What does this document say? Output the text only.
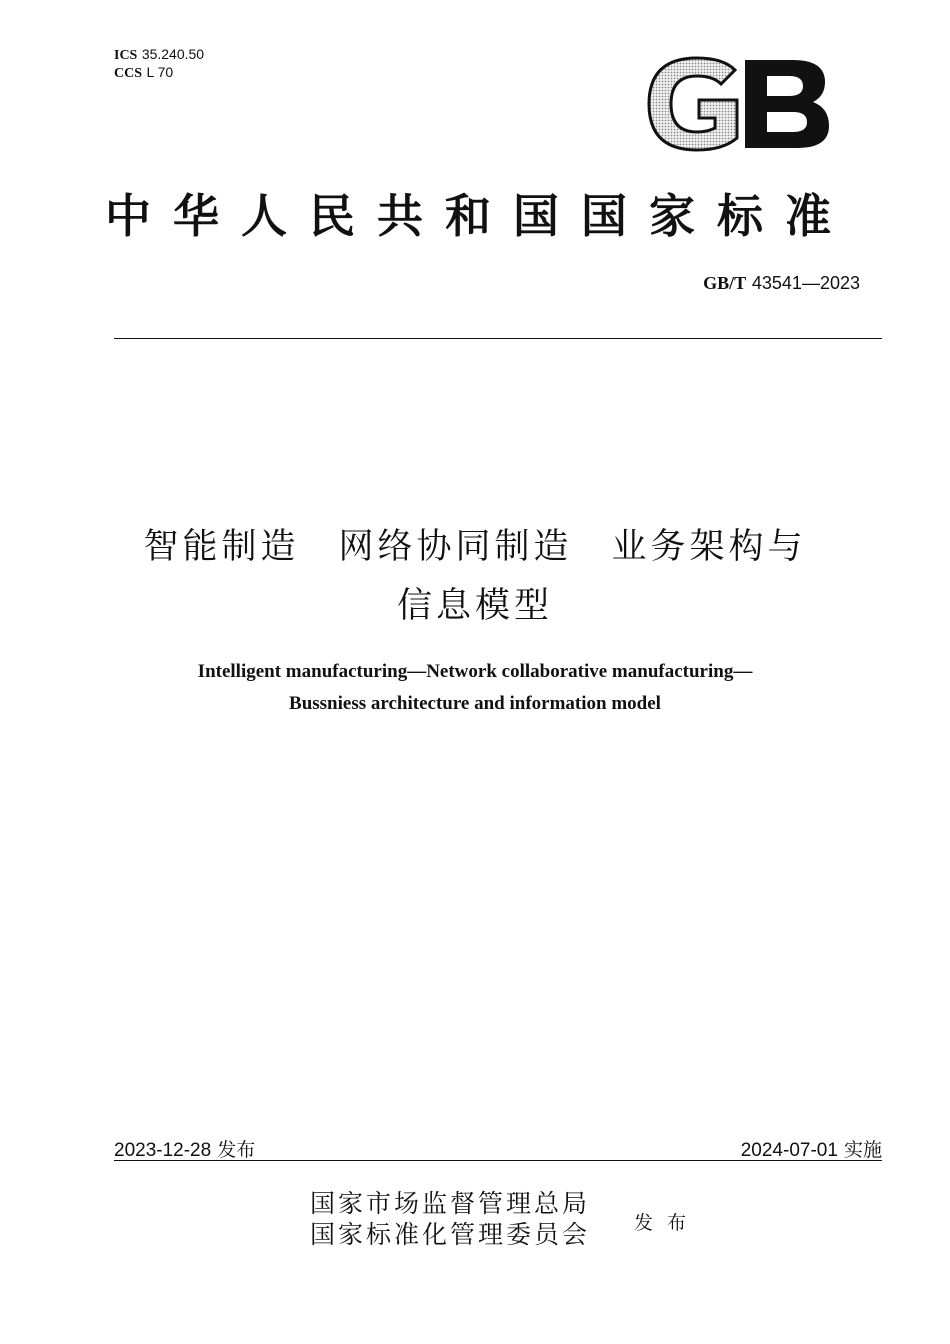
ICS 35.240.50
CCS L 70
中华人民共和国国家标准
GB/T 43541—2023
智能制造　网络协同制造　业务架构与
信息模型
Intelligent manufacturing—Network collaborative manufacturing—
Bussniess architecture and information model
2023-12-28 发布	2024-07-01 实施
国家市场监督管理总局
国家标准化管理委员会 发布
